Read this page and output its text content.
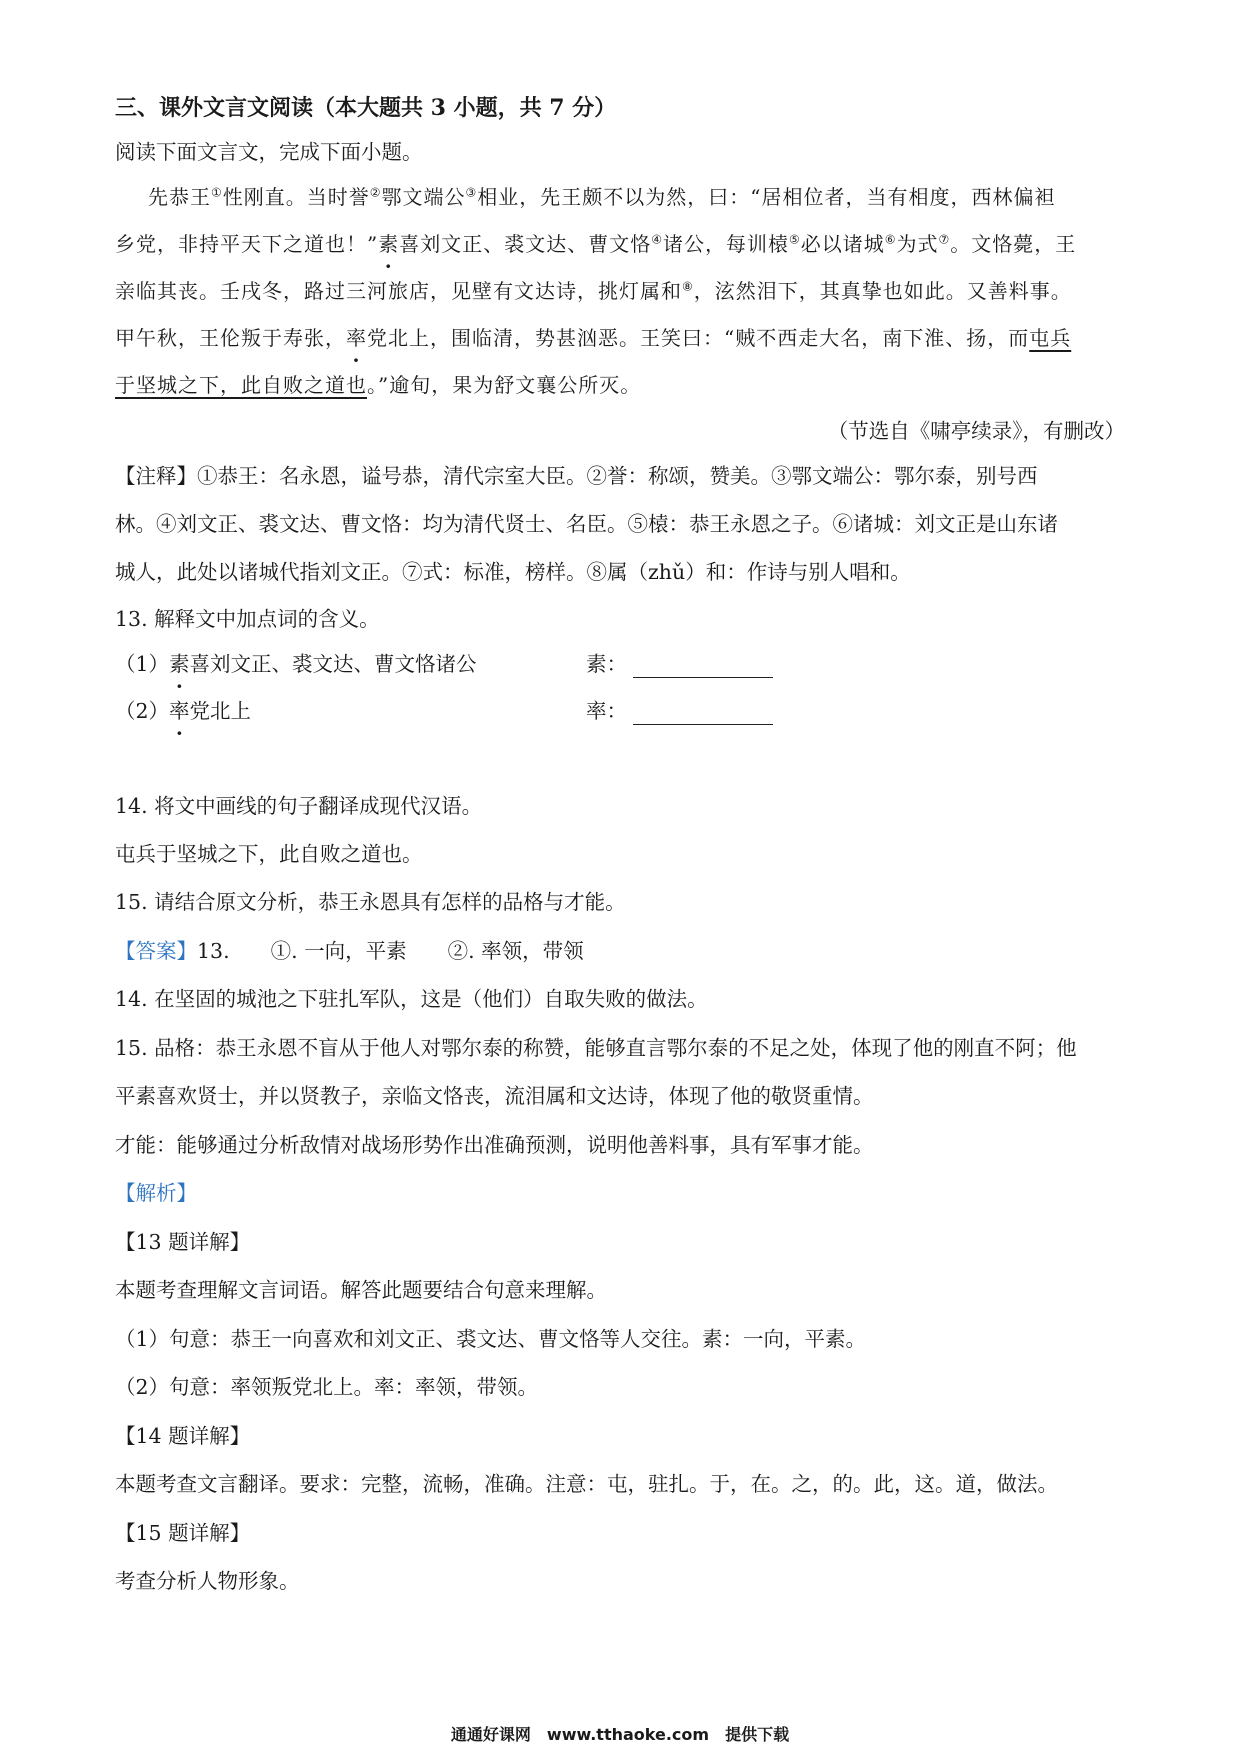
三、课外文言文阅读（本大题共 3 小题，共 7 分）
阅读下面文言文，完成下面小题。
先恭王①性刚直。当时誉②鄂文端公③相业，先王颇不以为然，曰：“居相位者，当有相度，西林偏袒
乡党，非持平天下之道也！”素喜刘文正、裘文达、曹文恪④诸公，每训榬⑤必以诸城⑥为式⑦。文恪薨，王
亲临其丧。壬戌冬，路过三河旅店，见壁有文达诗，挑灯属和⑧，泫然泪下，其真挚也如此。又善料事。
甲午秋，王伦叛于寿张，率党北上，围临清，势甚汹恶。王笑曰：“贼不西走大名，南下淮、扬，而屯兵
于坚城之下，此自败之道也。”逾旬，果为舒文襄公所灭。
（节选自《啸亭续录》，有删改）
【注释】①恭王：名永恩，谥号恭，清代宗室大臣。②誉：称颂，赞美。③鄂文端公：鄂尔泰，别号西
林。④刘文正、裘文达、曹文恪：均为清代贤士、名臣。⑤榬：恭王永恩之子。⑥诸城：刘文正是山东诸
城人，此处以诸城代指刘文正。⑦式：标准，榜样。⑧属（zhǔ）和：作诗与别人唱和。
13. 解释文中加点词的含义。
（1）素喜刘文正、裘文达、曹文恪诸公	素：
（2）率党北上	率：
14. 将文中画线的句子翻译成现代汉语。
屯兵于坚城之下，此自败之道也。
15. 请结合原文分析，恭王永恩具有怎样的品格与才能。
【答案】13.　　①. 一向，平素　　②. 率领，带领
14. 在坚固的城池之下驻扎军队，这是（他们）自取失败的做法。
15. 品格：恭王永恩不盲从于他人对鄂尔泰的称赞，能够直言鄂尔泰的不足之处，体现了他的刚直不阿；他
平素喜欢贤士，并以贤教子，亲临文恪丧，流泪属和文达诗，体现了他的敬贤重情。
才能：能够通过分析敌情对战场形势作出准确预测，说明他善料事，具有军事才能。
【解析】
【13 题详解】
本题考查理解文言词语。解答此题要结合句意来理解。
（1）句意：恭王一向喜欢和刘文正、裘文达、曹文恪等人交往。素：一向，平素。
（2）句意：率领叛党北上。率：率领，带领。
【14 题详解】
本题考查文言翻译。要求：完整，流畅，准确。注意：屯，驻扎。于，在。之，的。此，这。道，做法。
【15 题详解】
考查分析人物形象。
通通好课网　www.tthaoke.com　提供下载
